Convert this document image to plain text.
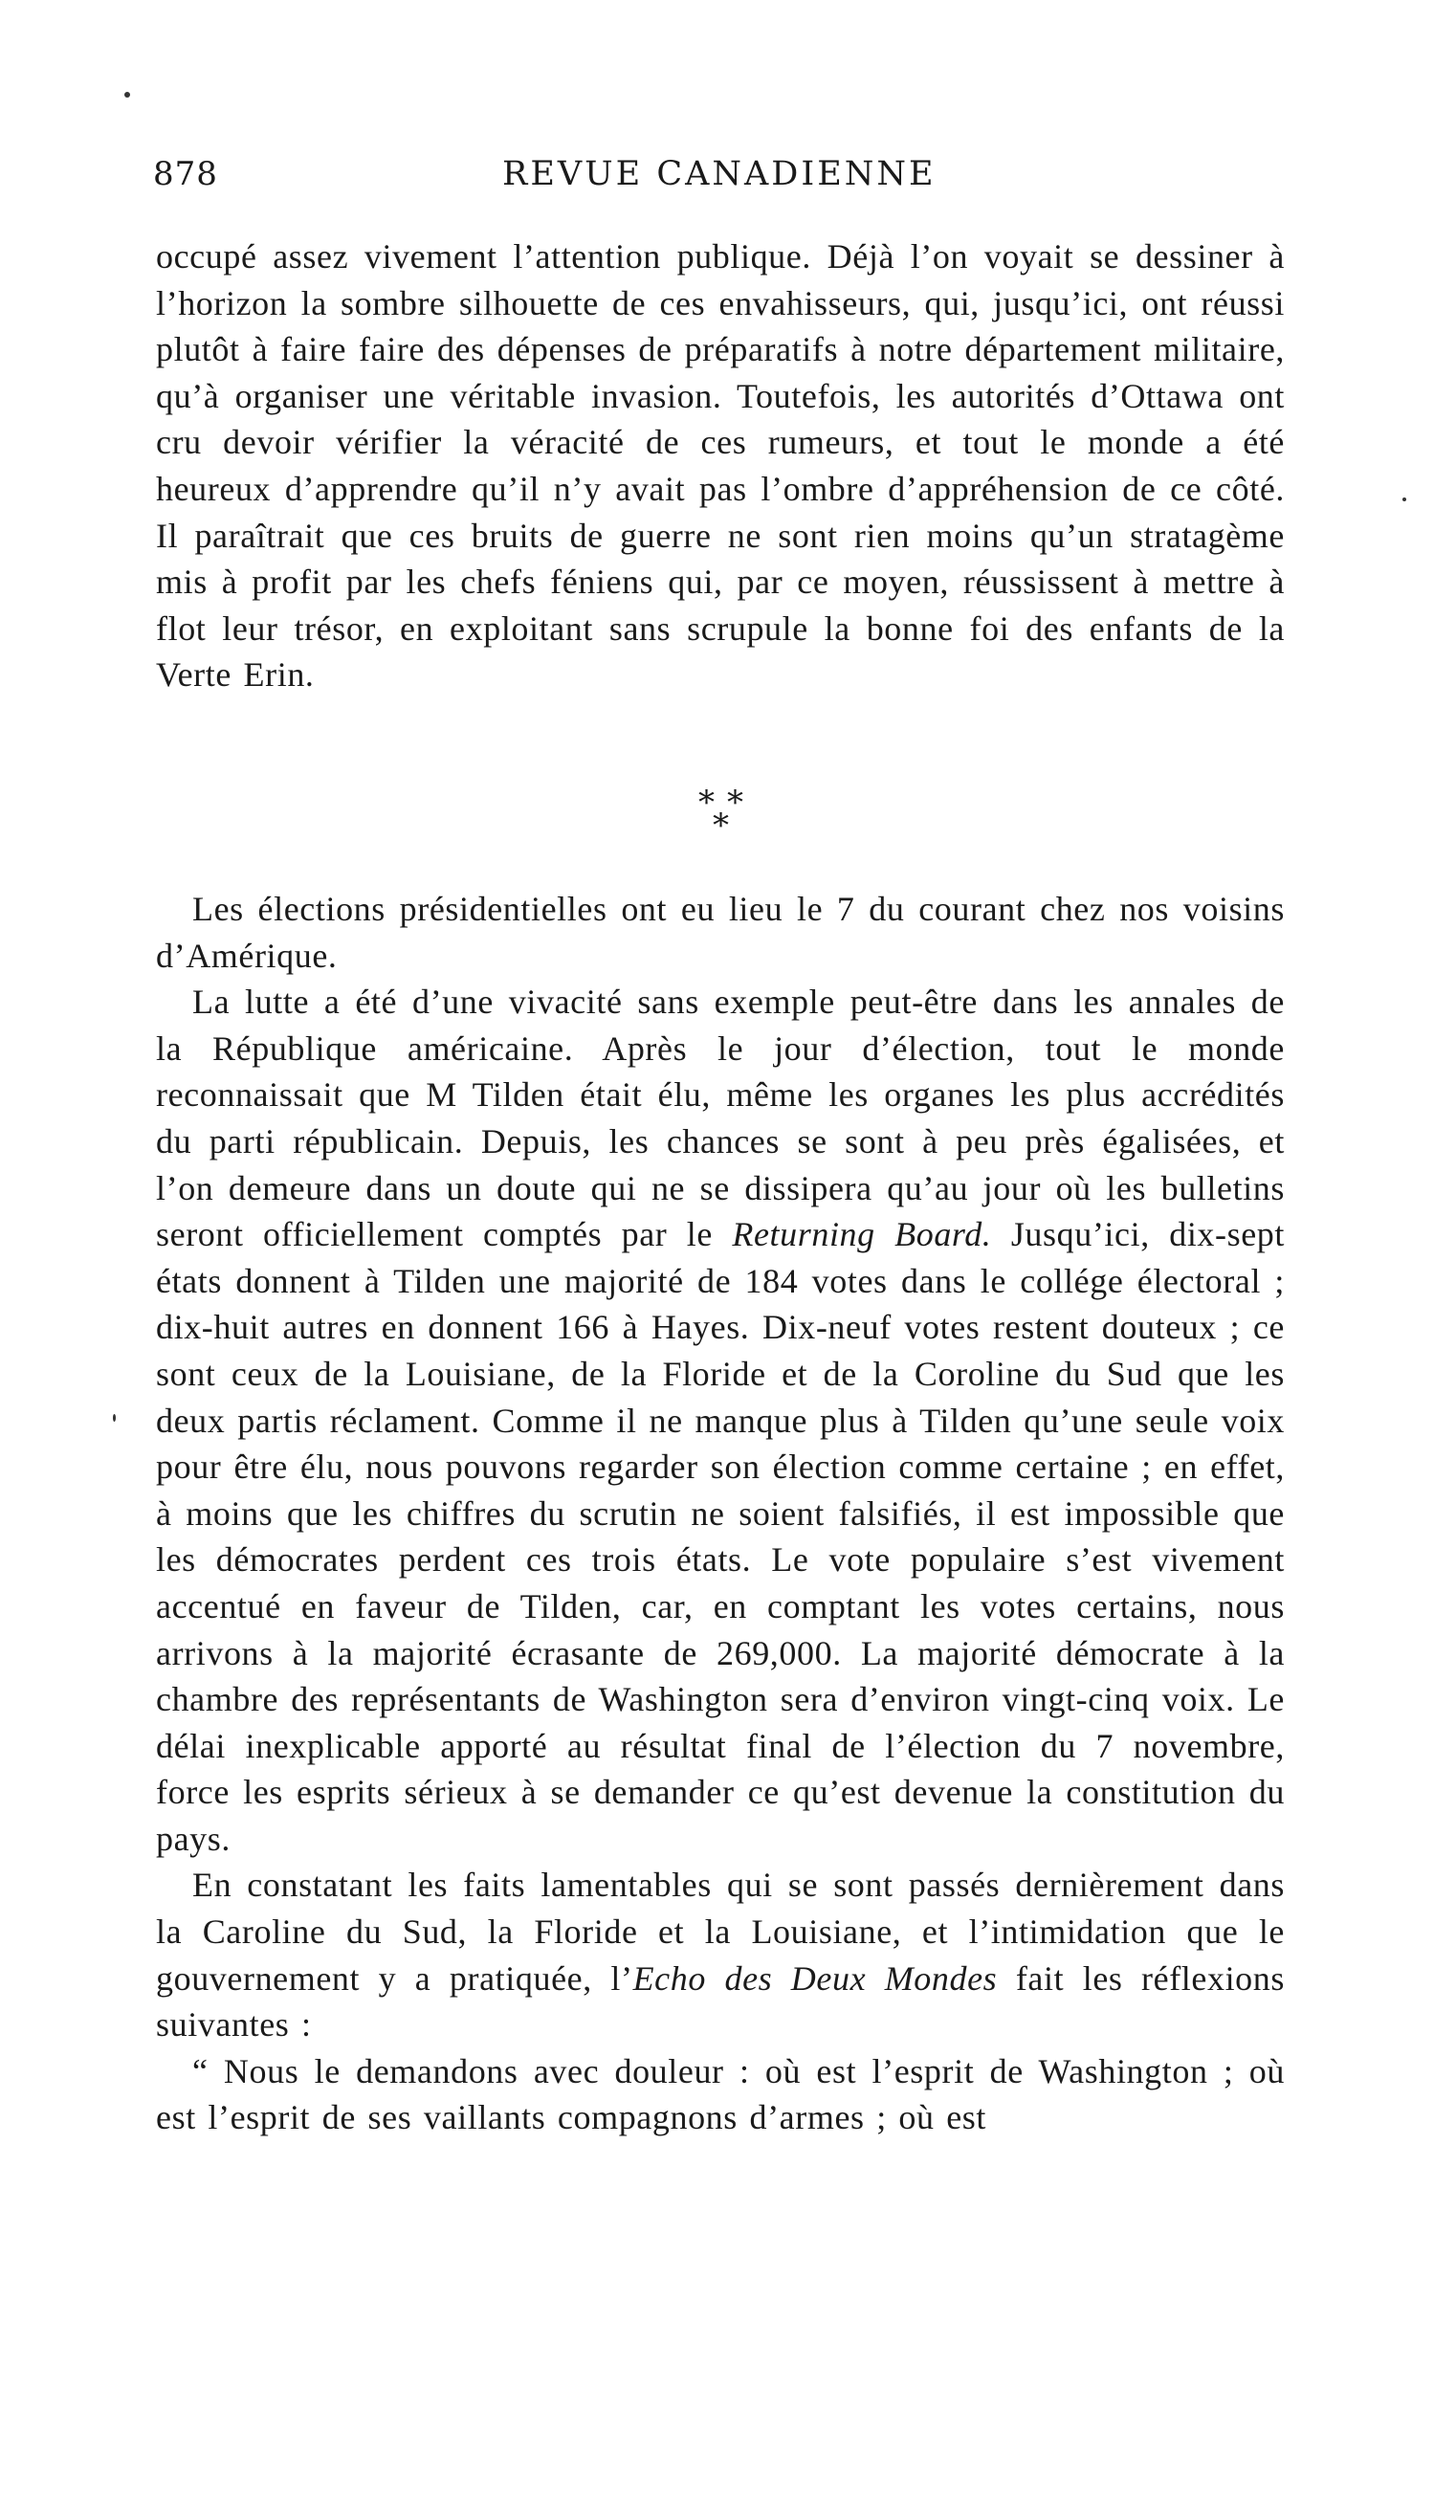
878	REVUE CANADIENNE

occupé assez vivement l’attention publique. Déjà l’on voyait se dessiner à l’horizon la sombre silhouette de ces envahisseurs, qui, jusqu’ici, ont réussi plutôt à faire faire des dépenses de préparatifs à notre département militaire, qu’à organiser une véritable invasion. Toutefois, les autorités d’Ottawa ont cru devoir vérifier la véracité de ces rumeurs, et tout le monde a été heureux d’apprendre qu’il n’y avait pas l’ombre d’appréhension de ce côté. Il paraîtrait que ces bruits de guerre ne sont rien moins qu’un stratagème mis à profit par les chefs féniens qui, par ce moyen, réussissent à mettre à flot leur trésor, en exploitant sans scrupule la bonne foi des enfants de la Verte Erin.

* *
*

Les élections présidentielles ont eu lieu le 7 du courant chez nos voisins d’Amérique.

La lutte a été d’une vivacité sans exemple peut-être dans les annales de la République américaine. Après le jour d’élection, tout le monde reconnaissait que M Tilden était élu, même les organes les plus accrédités du parti républicain. Depuis, les chances se sont à peu près égalisées, et l’on demeure dans un doute qui ne se dissipera qu’au jour où les bulletins seront officiellement comptés par le Returning Board. Jusqu’ici, dix-sept états donnent à Tilden une majorité de 184 votes dans le collége électoral ; dix-huit autres en donnent 166 à Hayes. Dix-neuf votes restent douteux ; ce sont ceux de la Louisiane, de la Floride et de la Coroline du Sud que les deux partis réclament. Comme il ne manque plus à Tilden qu’une seule voix pour être élu, nous pouvons regarder son élection comme certaine ; en effet, à moins que les chiffres du scrutin ne soient falsifiés, il est impossible que les démocrates perdent ces trois états. Le vote populaire s’est vivement accentué en faveur de Tilden, car, en comptant les votes certains, nous arrivons à la majorité écrasante de 269,000. La majorité démocrate à la chambre des représentants de Washington sera d’environ vingt-cinq voix. Le délai inexplicable apporté au résultat final de l’élection du 7 novembre, force les esprits sérieux à se demander ce qu’est devenue la constitution du pays.

En constatant les faits lamentables qui se sont passés dernièrement dans la Caroline du Sud, la Floride et la Louisiane, et l’intimidation que le gouvernement y a pratiquée, l’Echo des Deux Mondes fait les réflexions suivantes :

“ Nous le demandons avec douleur : où est l’esprit de Washington ; où est l’esprit de ses vaillants compagnons d’armes ; où est
